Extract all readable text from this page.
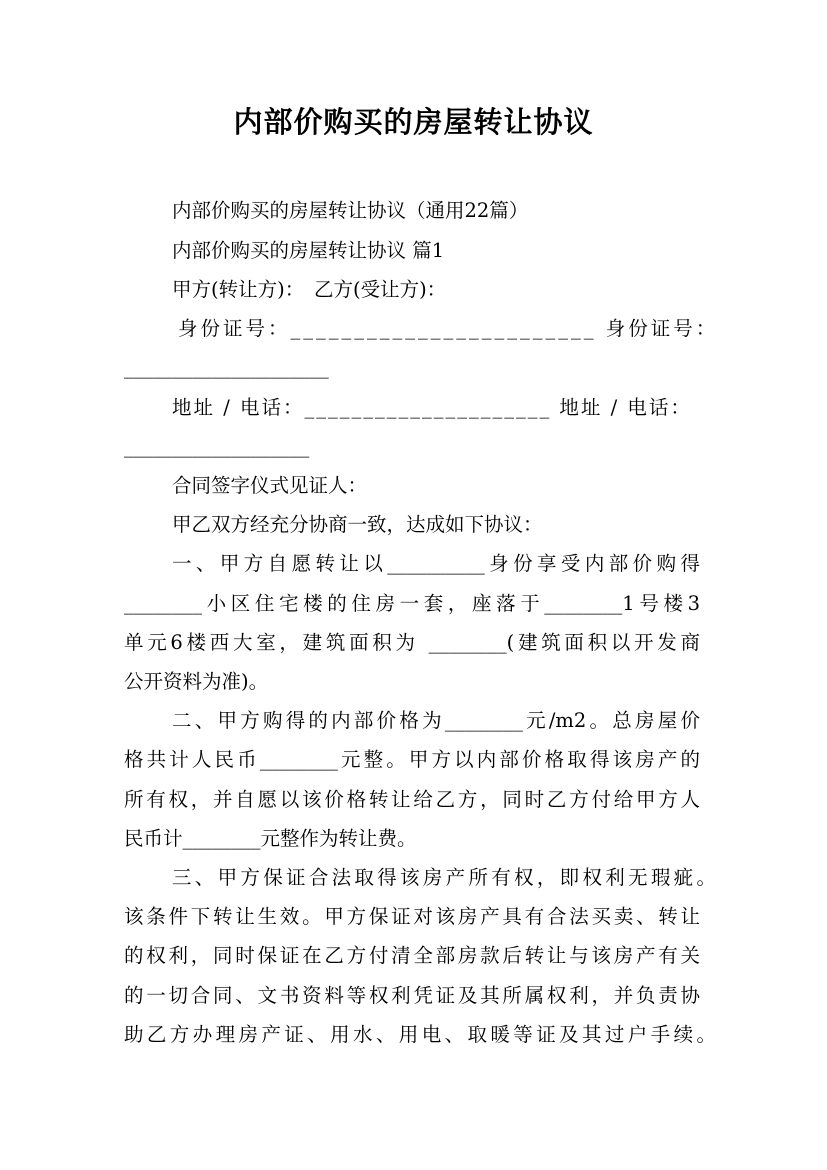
内部价购买的房屋转让协议
内部价购买的房屋转让协议（通用22篇）
内部价购买的房屋转让协议 篇1
甲方(转让方)：　乙方(受让方)：
身份证号：________________________ 身份证号：
_____________________
地址 / 电话：_____________________ 地址 / 电话：
___________________
合同签字仪式见证人：
甲乙双方经充分协商一致，达成如下协议：
一、甲方自愿转让以__________身份享受内部价购得
________小区住宅楼的住房一套，座落于________1号楼3
单元6楼西大室，建筑面积为 ________(建筑面积以开发商
公开资料为准)。
二、甲方购得的内部价格为________元/m2。总房屋价
格共计人民币________元整。甲方以内部价格取得该房产的
所有权，并自愿以该价格转让给乙方，同时乙方付给甲方人
民币计________元整作为转让费。
三、甲方保证合法取得该房产所有权，即权利无瑕疵。
该条件下转让生效。甲方保证对该房产具有合法买卖、转让
的权利，同时保证在乙方付清全部房款后转让与该房产有关
的一切合同、文书资料等权利凭证及其所属权利，并负责协
助乙方办理房产证、用水、用电、取暖等证及其过户手续。
